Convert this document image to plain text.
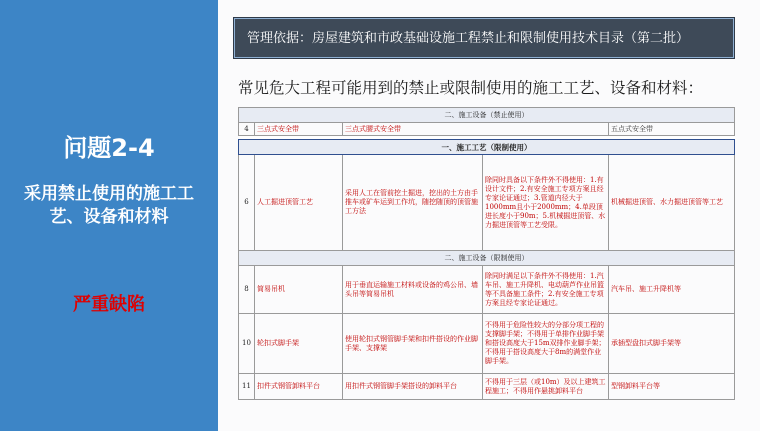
问题2-4
采用禁止使用的施工工艺、设备和材料
严重缺陷
管理依据：房屋建筑和市政基础设施工程禁止和限制使用技术目录（第二批）
常见危大工程可能用到的禁止或限制使用的施工工艺、设备和材料：
二、施工设备（禁止使用）				
4	三点式安全带	三点式腰式安全带		五点式安全带

一、施工工艺（限制使用）				
6	人工掘进顶管工艺	采用人工在管前挖土掘进，挖出的土方由手推车或矿车运到工作坑，随挖随顶的顶管施工方法	除同时具备以下条件外不得使用：1.有设计文件；2.有安全施工专项方案且经专家论证通过；3.管道内径大于1000mm且小于2000mm；4.单段顶进长度小于90m；5.机械掘进顶管、水力掘进顶管等工艺受限。	机械掘进顶管、水力掘进顶管等工艺
二、施工设备（限制使用）				
8	简易吊机	用于垂直运输施工材料或设备的鸡公吊、墙头吊等简易吊机	除同时满足以下条件外不得使用：1.汽车吊、施工升降机、电动葫芦作业吊篮等不具备施工条件；2.有安全施工专项方案且经专家论证通过。	汽车吊、施工升降机等
10	轮扣式脚手架	使用轮扣式钢管脚手架和扣件搭设的作业脚手架、支撑架	不得用于危险性较大的分部分项工程的支撑脚手架；不得用于单排作业脚手架和搭设高度大于15m双排作业脚手架；不得用于搭设高度大于8m的满堂作业脚手架。	承插型盘扣式脚手架等
11	扣件式钢管卸料平台	用扣件式钢管脚手架搭设的卸料平台	不得用于三层（或10m）及以上建筑工程施工；不得用作悬挑卸料平台	型钢卸料平台等
